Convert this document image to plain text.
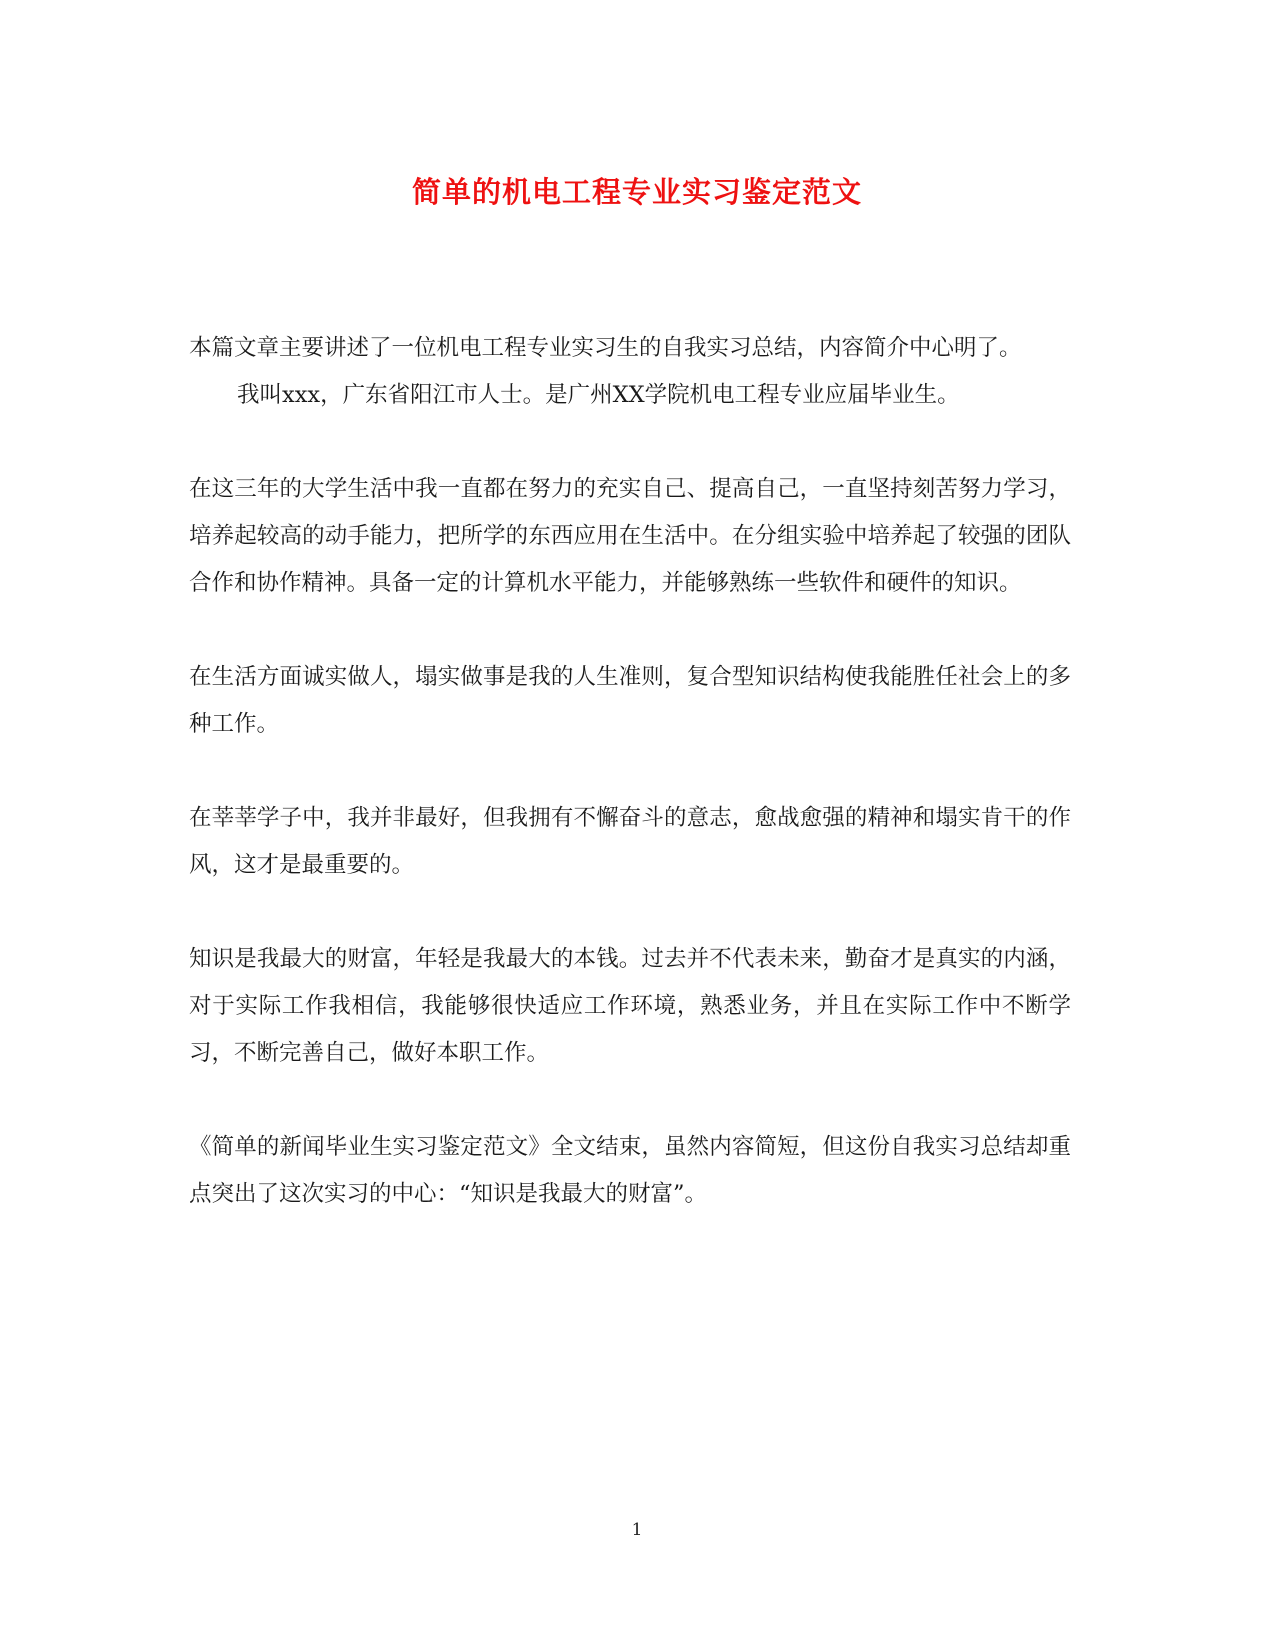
简单的机电工程专业实习鉴定范文

本篇文章主要讲述了一位机电工程专业实习生的自我实习总结，内容简介中心明了。

我叫xxx，广东省阳江市人士。是广州XX学院机电工程专业应届毕业生。

在这三年的大学生活中我一直都在努力的充实自己、提高自己，一直坚持刻苦努力学习，培养起较高的动手能力，把所学的东西应用在生活中。在分组实验中培养起了较强的团队合作和协作精神。具备一定的计算机水平能力，并能够熟练一些软件和硬件的知识。

在生活方面诚实做人，塌实做事是我的人生准则，复合型知识结构使我能胜任社会上的多种工作。

在莘莘学子中，我并非最好，但我拥有不懈奋斗的意志，愈战愈强的精神和塌实肯干的作风，这才是最重要的。

知识是我最大的财富，年轻是我最大的本钱。过去并不代表未来，勤奋才是真实的内涵，对于实际工作我相信，我能够很快适应工作环境，熟悉业务，并且在实际工作中不断学习，不断完善自己，做好本职工作。

《简单的新闻毕业生实习鉴定范文》全文结束，虽然内容简短，但这份自我实习总结却重点突出了这次实习的中心：“知识是我最大的财富”。

1
